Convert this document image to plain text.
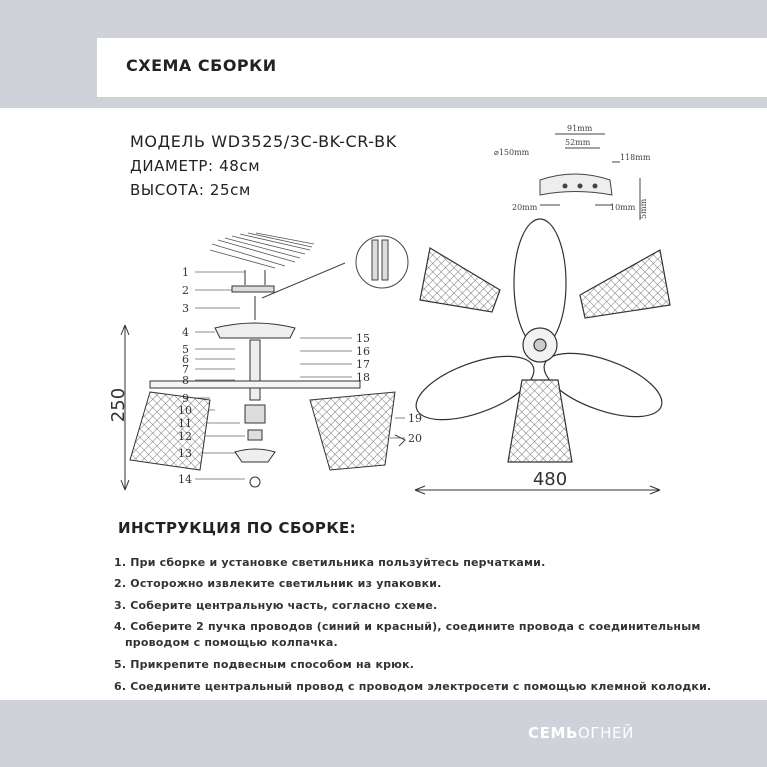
СХЕМА СБОРКИ
МОДЕЛЬ WD3525/3C-BK-CR-BK
ДИАМЕТР: 48см
ВЫСОТА: 25см
⌀150mm
91mm
52mm
118mm
20mm	10mm 5mm
250
1
2
3
4
5
6
7
8
9
10
11
12
13
14
15
16
17
18
19
20
480
ИНСТРУКЦИЯ ПО СБОРКЕ:
1. При сборке и установке светильника пользуйтесь перчатками.
2. Осторожно извлеките светильник из упаковки.
3. Соберите центральную часть, согласно схеме.
4. Соберите 2 пучка проводов (синий и красный), соедините провода с соединительным
проводом с помощью колпачка.
5. Прикрепите подвесным способом на крюк.
6. Соедините центральный провод с проводом электросети с помощью клемной колодки.
СЕМЬОГНЕЙ
